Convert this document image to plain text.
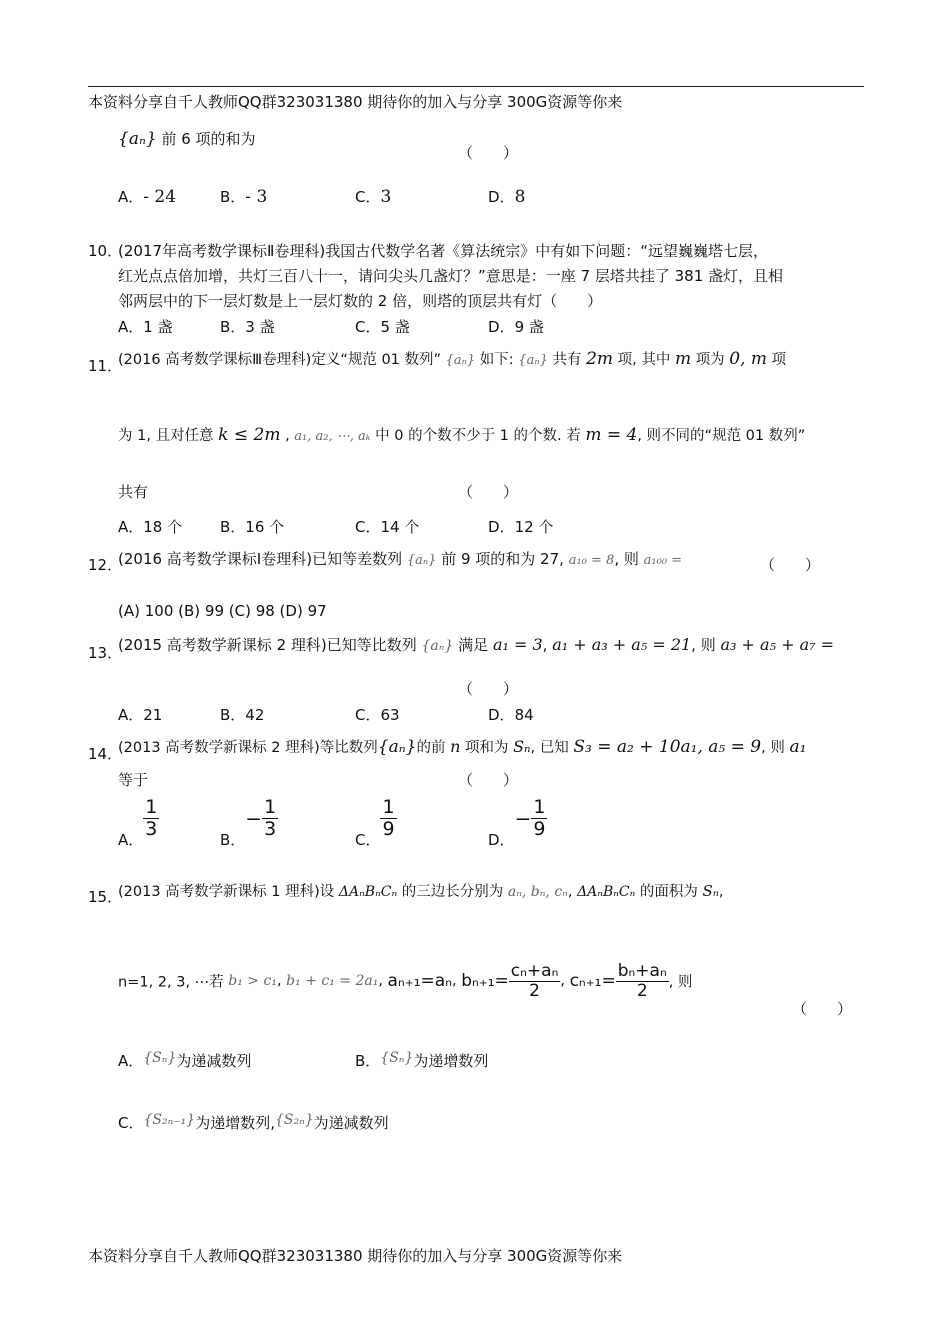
本资料分享自千人教师QQ群323031380 期待你的加入与分享 300G资源等你来
{aₙ} 前 6 项的和为
（　　）
A．- 24	B．- 3	C．3	D．8
10．
(2017年高考数学课标Ⅱ卷理科)我国古代数学名著《算法统宗》中有如下问题：“远望巍巍塔七层，
红光点点倍加增，共灯三百八十一，请问尖头几盏灯？”意思是：一座 7 层塔共挂了 381 盏灯，且相
邻两层中的下一层灯数是上一层灯数的 2 倍，则塔的顶层共有灯（　　）
A．1 盏	B．3 盏	C．5 盏	D．9 盏
11．
(2016 高考数学课标Ⅲ卷理科)定义“规范 01 数列” {aₙ} 如下: {aₙ} 共有 2m 项, 其中 m 项为 0, m 项
为 1, 且对任意 k ≤ 2m , a₁, a₂, ⋯, aₖ 中 0 的个数不少于 1 的个数. 若 m = 4, 则不同的“规范 01 数列”
共有	（　　）
A．18 个	B．16 个	C．14 个	D．12 个
12．
(2016 高考数学课标Ⅰ卷理科)已知等差数列 {aₙ} 前 9 项的和为 27, a₁₀ = 8, 则 a₁₀₀ =	（　　）
(A) 100 (B) 99 (C) 98 (D) 97
13．
(2015 高考数学新课标 2 理科)已知等比数列 {aₙ} 满足 a₁ = 3, a₁ + a₃ + a₅ = 21, 则 a₃ + a₅ + a₇ =
（　　）
A．21	B．42	C．63	D．84
14．
(2013 高考数学新课标 2 理科)等比数列{aₙ}的前 n 项和为 Sₙ, 已知 S₃ = a₂ + 10a₁, a₅ = 9, 则 a₁
等于	（　　）
A．
$\frac{1}{3}$
B．− $\frac{1}{3}$
C．
$\frac{1}{9}$
D．− $\frac{1}{9}$
15．
(2013 高考数学新课标 1 理科)设 ΔAₙBₙCₙ 的三边长分别为 aₙ, bₙ, cₙ, ΔAₙBₙCₙ 的面积为 Sₙ,
n=1, 2, 3, ⋯若 b₁ > c₁, b₁ + c₁ = 2a₁, aₙ₊₁=aₙ, $b_{n+1}= \frac{\text{cₙ+aₙ}}{2}$ , $c_{n+1}= \frac{\text{bₙ+aₙ}}{2}$ , 则
（　　）
A．{Sₙ}为递减数列	B．{Sₙ}为递增数列
C．{S₂ₙ₋₁}为递增数列,{S₂ₙ}为递减数列
本资料分享自千人教师QQ群323031380 期待你的加入与分享 300G资源等你来
